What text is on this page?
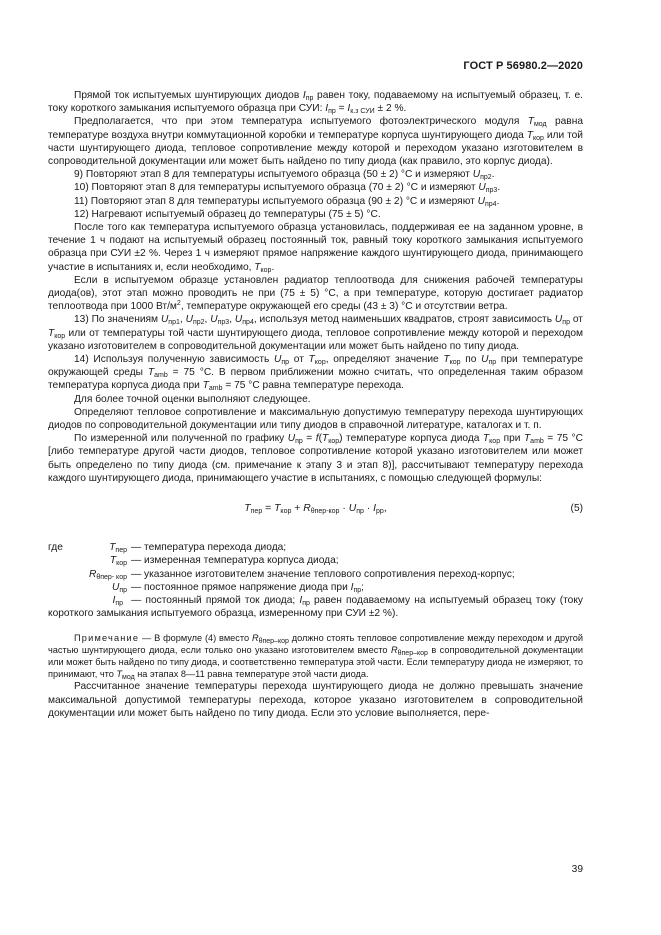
ГОСТ Р 56980.2—2020

Прямой ток испытуемых шунтирующих диодов $I_{пр}$ равен току, подаваемому на испытуемый образец, т. е. току короткого замыкания испытуемого образца при СУИ: $I_{пр} = I_{к.з СУИ} \pm 2$ %.

Предполагается, что при этом температура испытуемого фотоэлектрического модуля $T_{мод}$ равна температуре воздуха внутри коммутационной коробки и температуре корпуса шунтирующего диода $T_{кор}$ или той части шунтирующего диода, тепловое сопротивление между которой и переходом указано изготовителем в сопроводительной документации или может быть найдено по типу диода (как правило, это корпус диода).

9) Повторяют этап 8 для температуры испытуемого образца (50 ± 2) °C и измеряют $U_{пр2}$.

10) Повторяют этап 8 для температуры испытуемого образца (70 ± 2) °C и измеряют $U_{пр3}$.

11) Повторяют этап 8 для температуры испытуемого образца (90 ± 2) °C и измеряют $U_{пр4}$.

12) Нагревают испытуемый образец до температуры (75 ± 5) °C.

После того как температура испытуемого образца установилась, поддерживая ее на заданном уровне, в течение 1 ч подают на испытуемый образец постоянный ток, равный току короткого замыкания испытуемого образца при СУИ ±2 %. Через 1 ч измеряют прямое напряжение каждого шунтирующего диода, принимающего участие в испытаниях и, если необходимо, $T_{кор}$.

Если в испытуемом образце установлен радиатор теплоотвода для снижения рабочей температуры диода(ов), этот этап можно проводить не при (75 ± 5) °C, а при температуре, которую достигает радиатор теплоотвода при 1000 $Вт/м^2$, температуре окружающей его среды (43 ± 3) °C и отсутствии ветра.

13) По значениям $U_{пр1}$, $U_{пр2}$, $U_{пр3}$, $U_{пр4}$, используя метод наименьших квадратов, строят зависимость $U_{пр}$ от $T_{кор}$ или от температуры той части шунтирующего диода, тепловое сопротивление между которой и переходом указано изготовителем в сопроводительной документации или может быть найдено по типу диода.

14) Используя полученную зависимость $U_{пр}$ от $T_{кор}$, определяют значение $T_{кор}$ по $U_{пр}$ при температуре окружающей среды $T_{amb} = 75$ °C. В первом приближении можно считать, что определенная таким образом температура корпуса диода при $T_{amb} = 75$ °C равна температуре перехода.

Для более точной оценки выполняют следующее.

Определяют тепловое сопротивление и максимальную допустимую температуру перехода шунтирующих диодов по сопроводительной документации или типу диодов в справочной литературе, каталогах и т. п.

По измеренной или полученной по графику $U_{пр} = f(T_{кор})$ температуре корпуса диода $T_{кор}$ при $T_{amb} = 75$ °C [либо температуре другой части диодов, тепловое сопротивление которой указано изготовителем или может быть определено по типу диода (см. примечание к этапу 3 и этап 8)], рассчитывают температуру перехода каждого шунтирующего диода, принимающего участие в испытаниях, с помощью следующей формулы:

$T_{пер} = T_{кор} + R_{\theta пер-кор} \cdot U_{пр} \cdot I_{рр}$,	(5)
где	$T_{пер}$ — температура перехода диода;
$T_{кор}$ — измеренная температура корпуса диода;
$R_{\theta пер- кор}$ — указанное изготовителем значение теплового сопротивления переход-корпус;
$U_{пр}$ — постоянное прямое напряжение диода при $I_{пр}$;

$I_{пр}$ — постоянный прямой ток диода; $I_{пр}$ равен подаваемому на испытуемый образец току (току короткого замыкания испытуемого образца, измеренному при СУИ ±2 %).

Примечание — В формуле (4) вместо $R_{\theta пер-кор}$ должно стоять тепловое сопротивление между переходом и другой частью шунтирующего диода, если только оно указано изготовителем вместо $R_{\theta пер-кор}$ в сопроводительной документации или может быть найдено по типу диода, и соответственно температура этой части. Если температуру диода не измеряют, то принимают, что $T_{мод}$ на этапах 8—11 равна температуре этой части диода.

Рассчитанное значение температуры перехода шунтирующего диода не должно превышать значение максимальной допустимой температуры перехода, которое указано изготовителем в сопроводительной документации или может быть найдено по типу диода. Если это условие выполняется, пере-

39
